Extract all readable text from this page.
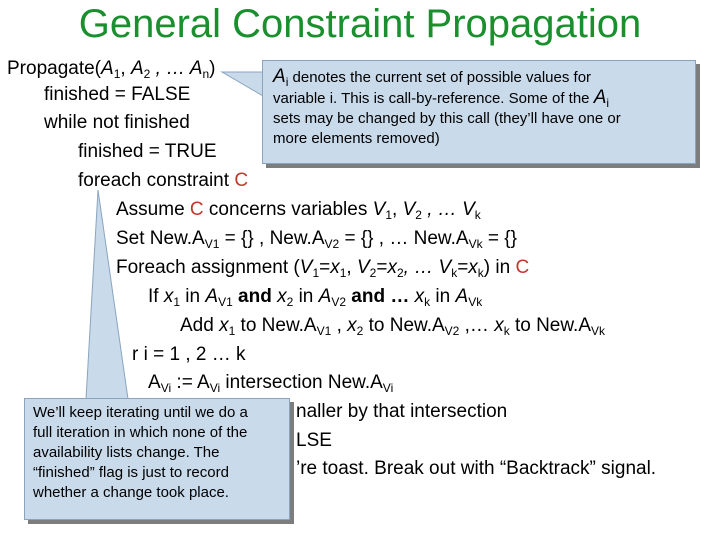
General Constraint Propagation
$Propagate(A_1$, $A_2$ , … $A_n$)
finished = FALSE
while not finished
finished = TRUE
foreach constraint C
Assume C concerns variables $V_1$, $V_2$ , … $V_k$
Set $New.A_{V1}$ = {} , $New.A_{V2}$ = {} , … $New.A_{Vk}$ = {}
Foreach assignment ($V_1=x_1$, $V_2=x_2$, … $V_k=x_k$) in C
If $x_1$ in $A_{V1}$ and $x_2$ in $A_{V2}$ and … $x_k$ in $A_{Vk}$
Add $x_1$ to $New.A_{V1}$ , $x_2$ to $New.A_{V2}$ ,… $x_k$ to $New.A_{Vk}$
r i = 1 , 2 … k
$A_{Vi}$ := $A_{Vi}$ intersection $New.A_{Vi}$
naller by that intersection
LSE
’re toast. Break out with “Backtrack” signal.
$A_i$ denotes the current set of possible values for
variable i. This is call-by-reference. Some of the $A_i$
sets may be changed by this call (they’ll have one or
more elements removed)
We’ll keep iterating until we do a
full iteration in which none of the
availability lists change. The
“finished” flag is just to record
whether a change took place.
